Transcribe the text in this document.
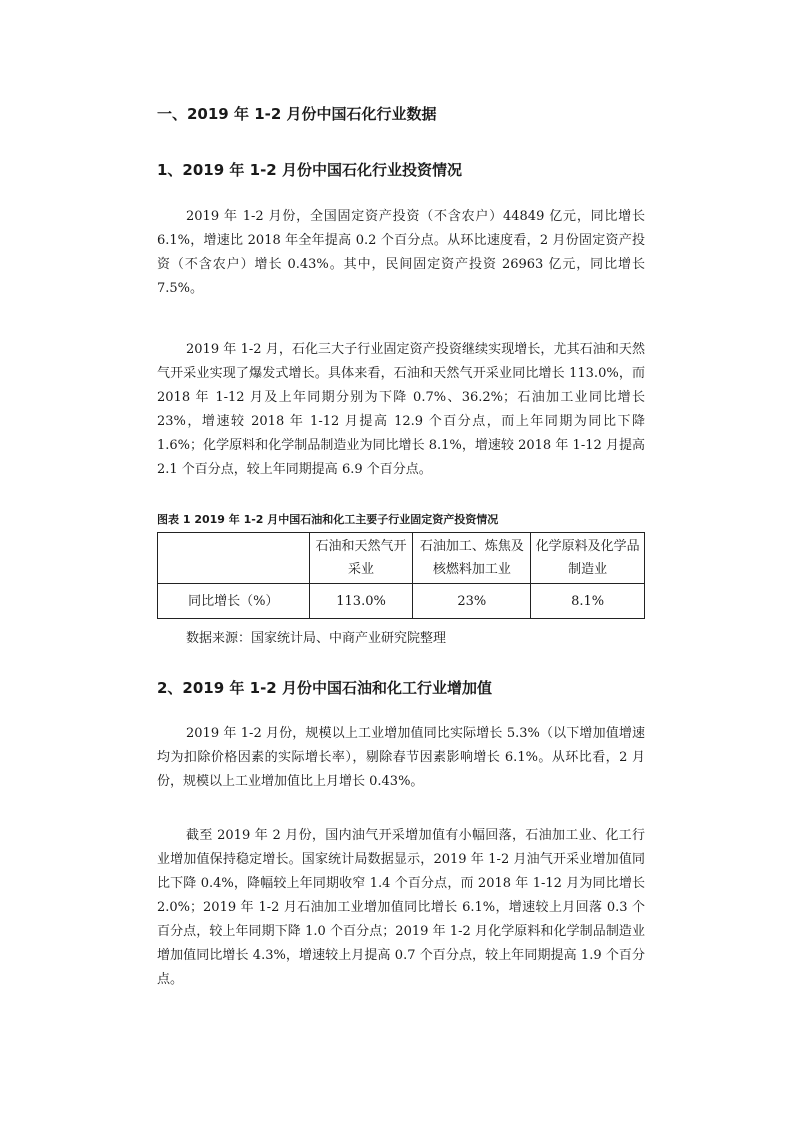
一、2019 年 1-2 月份中国石化行业数据
1、2019 年 1-2 月份中国石化行业投资情况

2019 年 1-2 月份，全国固定资产投资（不含农户）44849 亿元，同比增长 6.1%，增速比 2018 年全年提高 0.2 个百分点。从环比速度看，2 月份固定资产投资（不含农户）增长 0.43%。其中，民间固定资产投资 26963 亿元，同比增长 7.5%。

2019 年 1-2 月，石化三大子行业固定资产投资继续实现增长，尤其石油和天然气开采业实现了爆发式增长。具体来看，石油和天然气开采业同比增长 113.0%，而 2018 年 1-12 月及上年同期分别为下降 0.7%、36.2%；石油加工业同比增长 23%，增速较 2018 年 1-12 月提高 12.9 个百分点，而上年同期为同比下降 1.6%；化学原料和化学制品制造业为同比增长 8.1%，增速较 2018 年 1-12 月提高 2.1 个百分点，较上年同期提高 6.9 个百分点。

图表 1 2019 年 1-2 月中国石油和化工主要子行业固定资产投资情况
	石油和天然气开采业	石油加工、炼焦及核燃料加工业	化学原料及化学品制造业
同比增长（%）	113.0%	23%	8.1%
数据来源：国家统计局、中商产业研究院整理
2、2019 年 1-2 月份中国石油和化工行业增加值

2019 年 1-2 月份，规模以上工业增加值同比实际增长 5.3%（以下增加值增速均为扣除价格因素的实际增长率），剔除春节因素影响增长 6.1%。从环比看，2 月份，规模以上工业增加值比上月增长 0.43%。

截至 2019 年 2 月份，国内油气开采增加值有小幅回落，石油加工业、化工行业增加值保持稳定增长。国家统计局数据显示，2019 年 1-2 月油气开采业增加值同比下降 0.4%，降幅较上年同期收窄 1.4 个百分点，而 2018 年 1-12 月为同比增长 2.0%；2019 年 1-2 月石油加工业增加值同比增长 6.1%，增速较上月回落 0.3 个百分点，较上年同期下降 1.0 个百分点；2019 年 1-2 月化学原料和化学制品制造业增加值同比增长 4.3%，增速较上月提高 0.7 个百分点，较上年同期提高 1.9 个百分点。
